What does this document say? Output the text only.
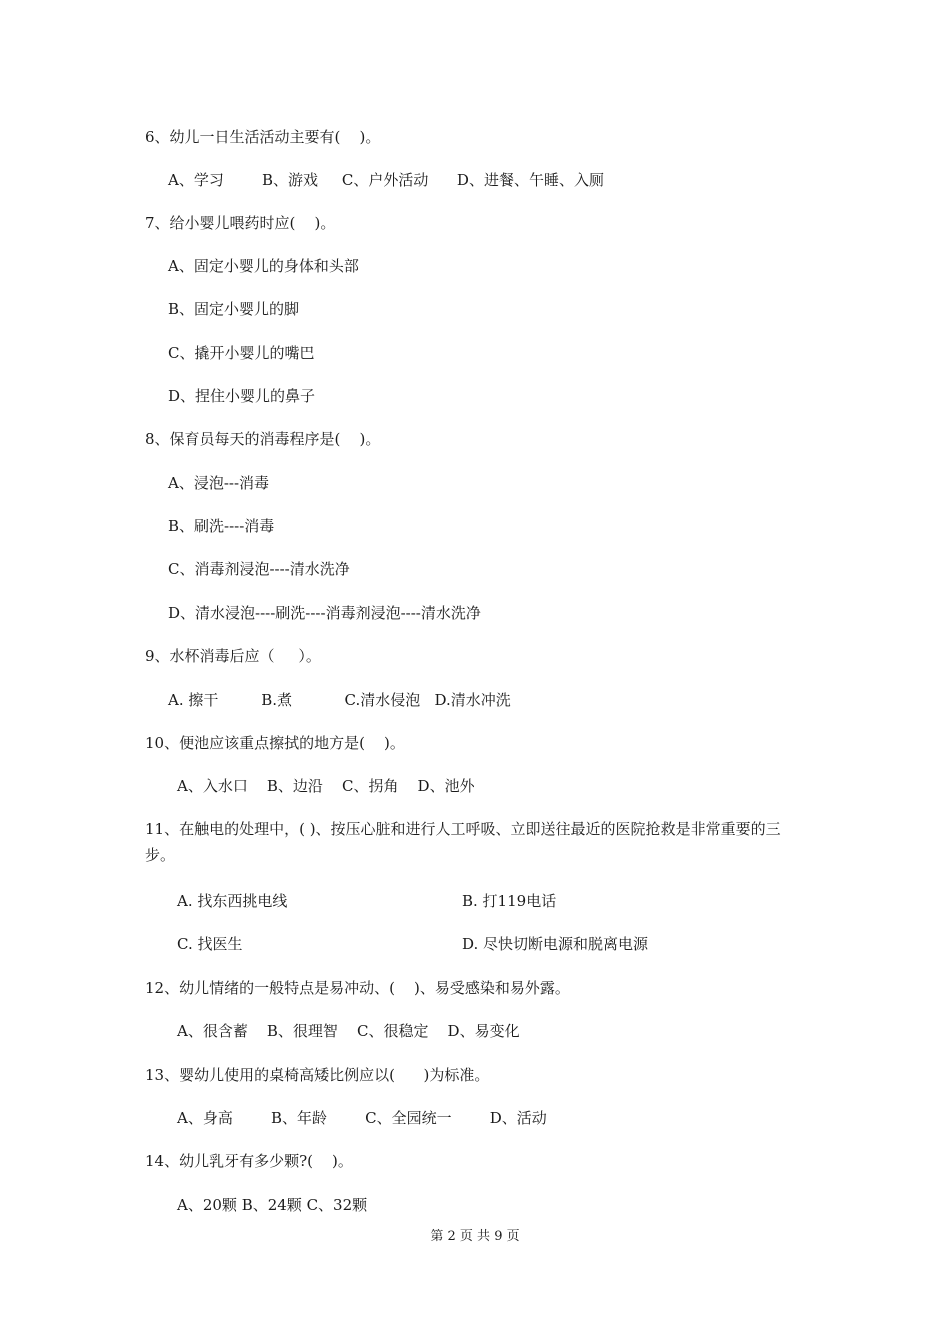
6、幼儿一日生活活动主要有(    )。
A、学习        B、游戏     C、户外活动      D、进餐、午睡、入厕
7、给小婴儿喂药时应(    )。
A、固定小婴儿的身体和头部
B、固定小婴儿的脚
C、撬开小婴儿的嘴巴
D、捏住小婴儿的鼻子
8、保育员每天的消毒程序是(    )。
A、浸泡---消毒
B、刷洗----消毒
C、消毒剂浸泡----清水洗净
D、清水浸泡----刷洗----消毒剂浸泡----清水洗净
9、水杯消毒后应（     ）。
A. 擦干         B.煮           C.清水侵泡   D.清水冲洗
10、便池应该重点擦拭的地方是(    )。
A、入水口    B、边沿    C、拐角    D、池外
11、在触电的处理中，( )、按压心脏和进行人工呼吸、立即送往最近的医院抢救是非常重要的三步。
A. 找东西挑电线	B. 打119电话
C. 找医生	D. 尽快切断电源和脱离电源
12、幼儿情绪的一般特点是易冲动、(    )、易受感染和易外露。
A、很含蓄    B、很理智    C、很稳定    D、易变化
13、婴幼儿使用的桌椅高矮比例应以(      )为标准。
A、身高        B、年龄        C、全园统一        D、活动
14、幼儿乳牙有多少颗?(    )。
A、20颗 B、24颗 C、32颗
第 2 页 共 9 页
